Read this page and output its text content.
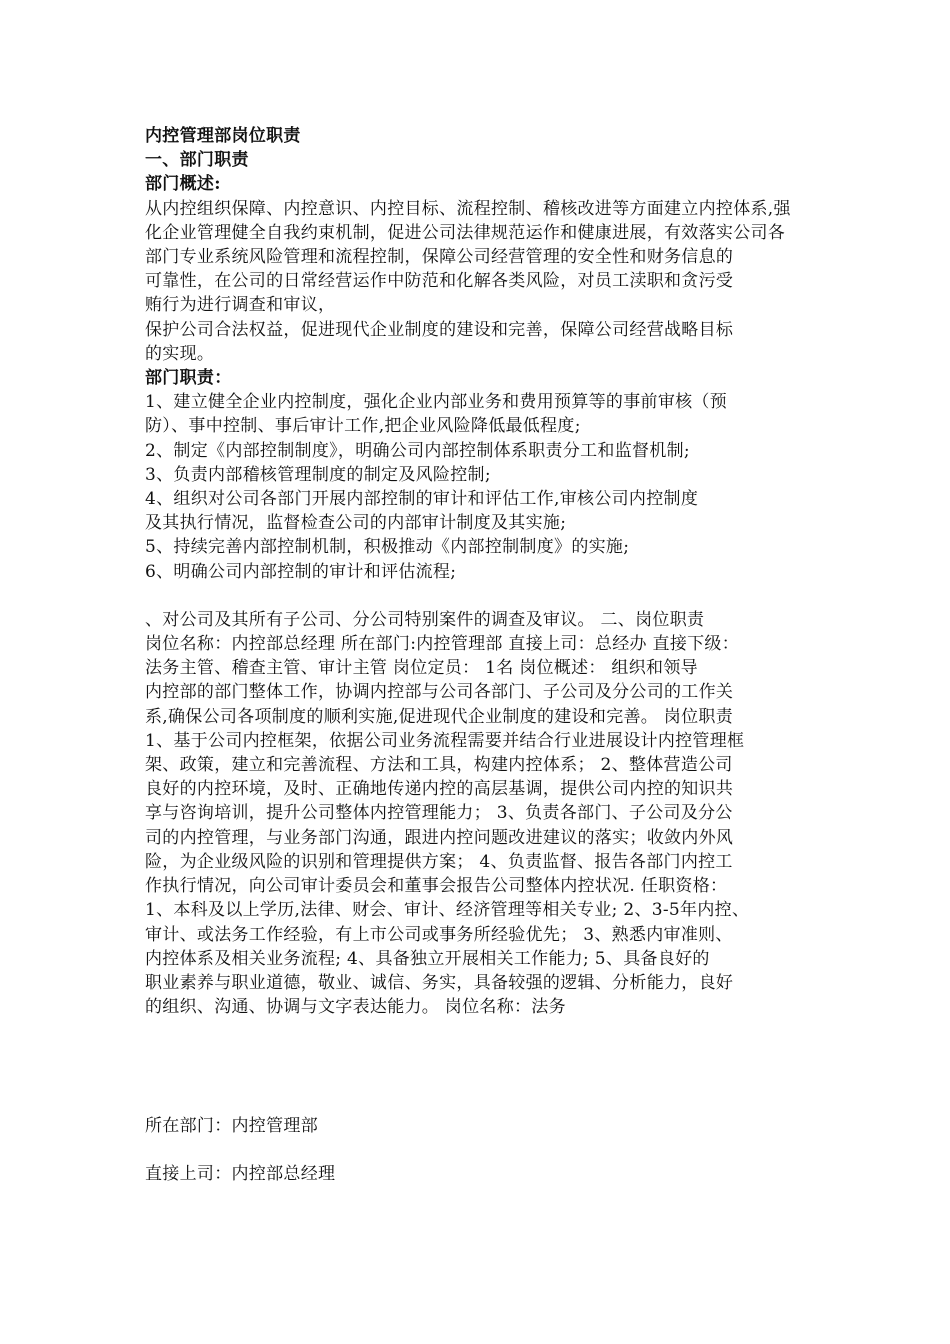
内控管理部岗位职责
一、部门职责
部门概述:
从内控组织保障、内控意识、内控目标、流程控制、稽核改进等方面建立内控体系,强
化企业管理健全自我约束机制，促进公司法律规范运作和健康进展，有效落实公司各
部门专业系统风险管理和流程控制，保障公司经营管理的安全性和财务信息的
可靠性，在公司的日常经营运作中防范和化解各类风险，对员工渎职和贪污受
贿行为进行调查和审议，
保护公司合法权益，促进现代企业制度的建设和完善，保障公司经营战略目标
的实现。
部门职责：
1、建立健全企业内控制度，强化企业内部业务和费用预算等的事前审核（预
防）、事中控制、事后审计工作,把企业风险降低最低程度;
2、制定《内部控制制度》，明确公司内部控制体系职责分工和监督机制;
3、负责内部稽核管理制度的制定及风险控制;
4、组织对公司各部门开展内部控制的审计和评估工作,审核公司内控制度
及其执行情况，监督检查公司的内部审计制度及其实施;
5、持续完善内部控制机制，积极推动《内部控制制度》的实施;
6、明确公司内部控制的审计和评估流程;
、对公司及其所有子公司、分公司特别案件的调查及审议。 二、岗位职责
岗位名称：内控部总经理 所在部门:内控管理部 直接上司：总经办 直接下级：
法务主管、稽查主管、审计主管 岗位定员： 1名 岗位概述： 组织和领导
内控部的部门整体工作，协调内控部与公司各部门、子公司及分公司的工作关
系,确保公司各项制度的顺利实施,促进现代企业制度的建设和完善。 岗位职责
1、基于公司内控框架，依据公司业务流程需要并结合行业进展设计内控管理框
架、政策，建立和完善流程、方法和工具，构建内控体系； 2、整体营造公司
良好的内控环境，及时、正确地传递内控的高层基调，提供公司内控的知识共
享与咨询培训，提升公司整体内控管理能力； 3、负责各部门、子公司及分公
司的内控管理，与业务部门沟通，跟进内控问题改进建议的落实；收敛内外风
险，为企业级风险的识别和管理提供方案； 4、负责监督、报告各部门内控工
作执行情况，向公司审计委员会和董事会报告公司整体内控状况. 任职资格：
1、本科及以上学历,法律、财会、审计、经济管理等相关专业; 2、3-5年内控、
审计、或法务工作经验，有上市公司或事务所经验优先； 3、熟悉内审准则、
内控体系及相关业务流程; 4、具备独立开展相关工作能力; 5、具备良好的
职业素养与职业道德，敬业、诚信、务实，具备较强的逻辑、分析能力，良好
的组织、沟通、协调与文字表达能力。 岗位名称：法务
所在部门：内控管理部
直接上司：内控部总经理
